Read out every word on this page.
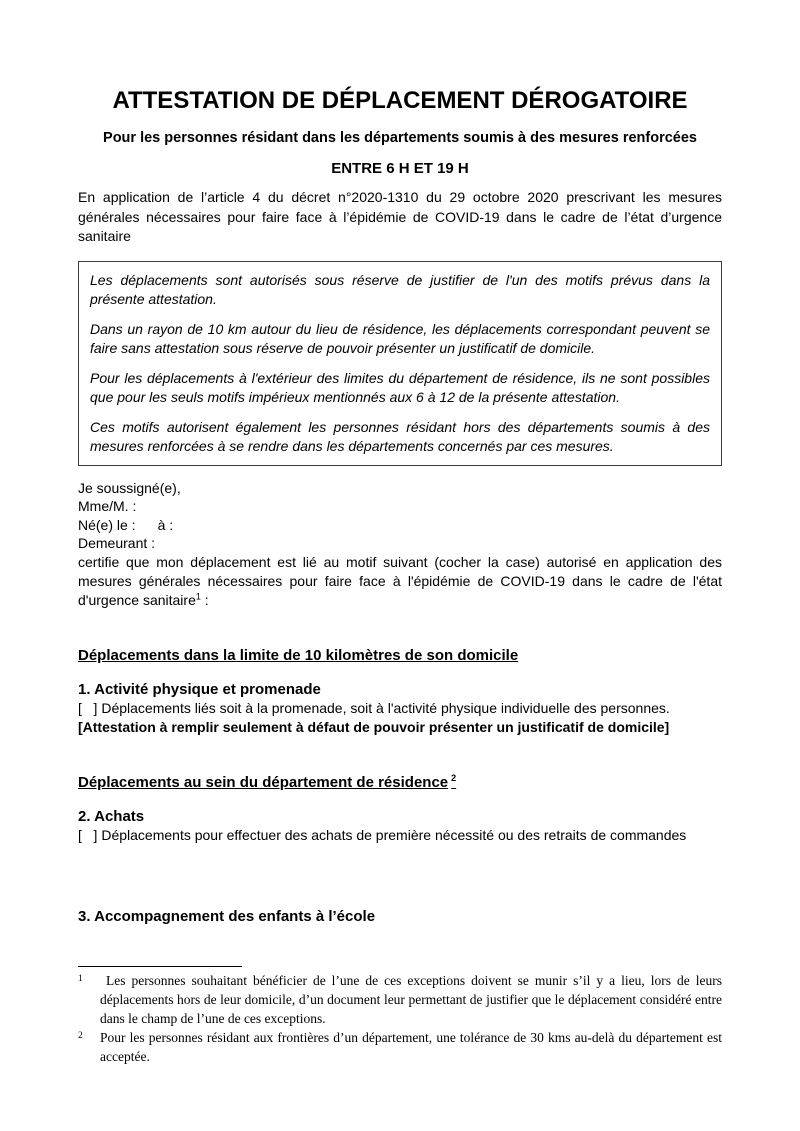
ATTESTATION DE DÉPLACEMENT DÉROGATOIRE

Pour les personnes résidant dans les départements soumis à des mesures renforcées

ENTRE 6 H ET 19 H

En application de l’article 4 du décret n°2020-1310 du 29 octobre 2020 prescrivant les mesures générales nécessaires pour faire face à l’épidémie de COVID-19 dans le cadre de l’état d’urgence sanitaire

Les déplacements sont autorisés sous réserve de justifier de l'un des motifs prévus dans la présente attestation.

Dans un rayon de 10 km autour du lieu de résidence, les déplacements correspondant peuvent se faire sans attestation sous réserve de pouvoir présenter un justificatif de domicile.

Pour les déplacements à l'extérieur des limites du département de résidence, ils ne sont possibles que pour les seuls motifs impérieux mentionnés aux 6 à 12 de la présente attestation.

Ces motifs autorisent également les personnes résidant hors des départements soumis à des mesures renforcées à se rendre dans les départements concernés par ces mesures.

Je soussigné(e),

Mme/M. :

Né(e) le : à :

Demeurant :

certifie que mon déplacement est lié au motif suivant (cocher la case) autorisé en application des mesures générales nécessaires pour faire face à l'épidémie de COVID-19 dans le cadre de l'état d'urgence sanitaire$^1$ :

Déplacements dans la limite de 10 kilomètres de son domicile

1. Activité physique et promenade

[   ] Déplacements liés soit à la promenade, soit à l'activité physique individuelle des personnes.

[Attestation à remplir seulement à défaut de pouvoir présenter un justificatif de domicile]

Déplacements au sein du département de résidence $^2$

2. Achats

[   ] Déplacements pour effectuer des achats de première nécessité ou des retraits de commandes

3. Accompagnement des enfants à l’école

1	Les personnes souhaitant bénéficier de l’une de ces exceptions doivent se munir s’il y a lieu, lors de leurs déplacements hors de leur domicile, d’un document leur permettant de justifier que le déplacement considéré entre dans le champ de l’une de ces exceptions.
2	Pour les personnes résidant aux frontières d’un département, une tolérance de 30 kms au-delà du département est acceptée.
